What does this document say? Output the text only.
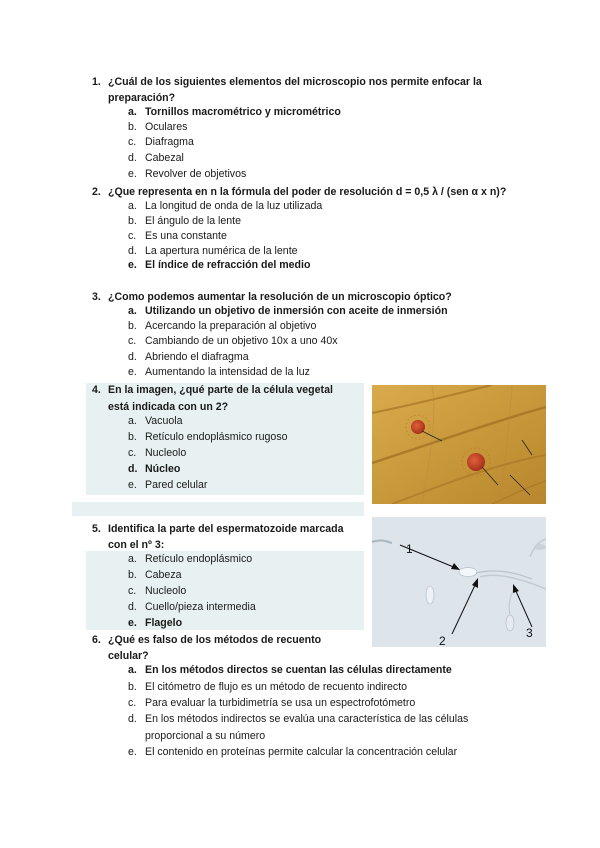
1. ¿Cuál de los siguientes elementos del microscopio nos permite enfocar la
preparación?
a. Tornillos macrométrico y micrométrico
b. Oculares
c. Diafragma
d. Cabezal
e. Revolver de objetivos
2. ¿Que representa en n la fórmula del poder de resolución d = 0,5 λ / (sen α x n)?
a. La longitud de onda de la luz utilizada
b. El ángulo de la lente
c. Es una constante
d. La apertura numérica de la lente
e. El índice de refracción del medio
3. ¿Como podemos aumentar la resolución de un microscopio óptico?
a. Utilizando un objetivo de inmersión con aceite de inmersión
b. Acercando la preparación al objetivo
c. Cambiando de un objetivo 10x a uno 40x
d. Abriendo el diafragma
e. Aumentando la intensidad de la luz
4. En la imagen, ¿qué parte de la célula vegetal
está indicada con un 2?
a. Vacuola
b. Retículo endoplásmico rugoso
c. Nucleolo
d. Núcleo
e. Pared celular
5. Identifica la parte del espermatozoide marcada
con el nº 3:
a. Retículo endoplásmico
b. Cabeza
c. Nucleolo
d. Cuello/pieza intermedia
e. Flagelo
6. ¿Qué es falso de los métodos de recuento
celular?
a. En los métodos directos se cuentan las células directamente
b. El citómetro de flujo es un método de recuento indirecto
c. Para evaluar la turbidimetría se usa un espectrofotómetro
d. En los métodos indirectos se evalúa una característica de las células
proporcional a su número
e. El contenido en proteínas permite calcular la concentración celular
1
2
3
